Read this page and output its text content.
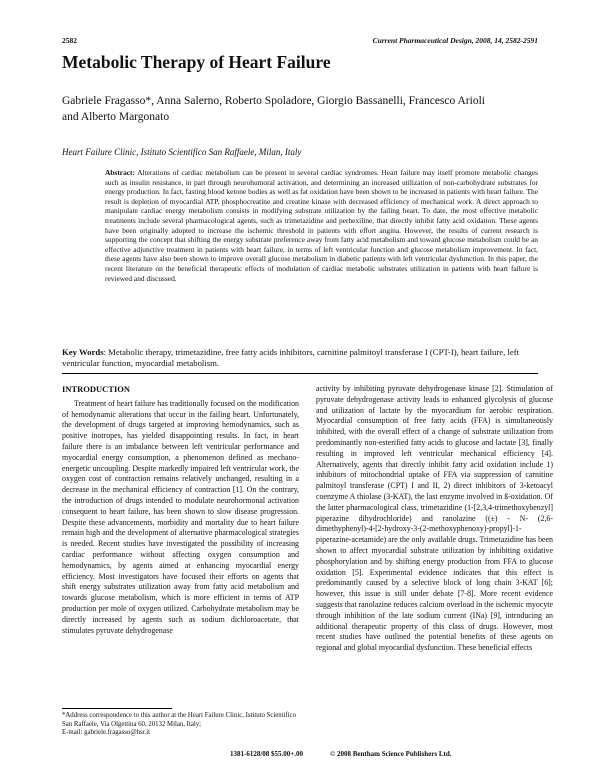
2582	Current Pharmaceutical Design, 2008, 14, 2582-2591
Metabolic Therapy of Heart Failure
Gabriele Fragasso*, Anna Salerno, Roberto Spoladore, Giorgio Bassanelli, Francesco Arioli
and Alberto Margonato
Heart Failure Clinic, Istituto Scientifico San Raffaele, Milan, Italy
Abstract: Alterations of cardiac metabolism can be present in several cardiac syndromes. Heart failure may itself promote metabolic changes such as insulin resistance, in part through neurohumoral activation, and determining an increased utilization of non-carbohydrate substrates for energy production. In fact, fasting blood ketone bodies as well as fat oxidation have been shown to be increased in patients with heart failure. The result is depletion of myocardial ATP, phosphocreatine and creatine kinase with decreased efficiency of mechanical work. A direct approach to manipulate cardiac energy metabolism consists in modifying substrate utilization by the failing heart. To date, the most effective metabolic treatments include several pharmacological agents, such as trimetazidine and perhexiline, that directly inhibit fatty acid oxidation. These agents have been originally adopted to increase the ischemic threshold in patients with effort angina. However, the results of current research is supporting the concept that shifting the energy substrate preference away from fatty acid metabolism and toward glucose metabolism could be an effective adjunctive treatment in patients with heart failure, in terms of left ventricular function and glucose metabolism improvement. In fact, these agents have also been shown to improve overall glucose metabolism in diabetic patients with left ventricular dysfunction. In this paper, the recent literature on the beneficial therapeutic effects of modulation of cardiac metabolic substrates utilization in patients with heart failure is reviewed and discussed.
Key Words: Metabolic therapy, trimetazidine, free fatty acids inhibitors, carnitine palmitoyl transferase I (CPT-I), heart failure, left ventricular function, myocardial metabolism.
INTRODUCTION

Treatment of heart failure has traditionally focused on the modification of hemodynamic alterations that occur in the failing heart. Unfortunately, the development of drugs targeted at improving hemodynamics, such as positive inotropes, has yielded disappointing results. In fact, in heart failure there is an imbalance between left ventricular performance and myocardial energy consumption, a phenomenon defined as mechano-energetic uncoupling. Despite markedly impaired left ventricular work, the oxygen cost of contraction remains relatively unchanged, resulting in a decrease in the mechanical efficiency of contraction [1]. On the contrary, the introduction of drugs intended to modulate neurohormonal activation consequent to heart failure, has been shown to slow disease progression. Despite these advancements, morbidity and mortality due to heart failure remain high and the development of alternative pharmacological strategies is needed. Recent studies have investigated the possibility of increasing cardiac performance without affecting oxygen consumption and hemodynamics, by agents aimed at enhancing myocardial energy efficiency. Most investigators have focused their efforts on agents that shift energy substrates utilization away from fatty acid metabolism and towards glucose metabolism, which is more efficient in terms of ATP production per mole of oxygen utilized. Carbohydrate metabolism may be directly increased by agents such as sodium dichloroacetate, that stimulates pyruvate dehydrogenase

activity by inhibiting pyruvate dehydrogenase kinase [2]. Stimulation of pyruvate dehydrogenase activity leads to enhanced glycolysis of glucose and utilization of lactate by the myocardium for aerobic respiration. Myocardial consumption of free fatty acids (FFA) is simultaneously inhibited, with the overall effect of a change of substrate utilization from predominantly non-esterified fatty acids to glucose and lactate [3], finally resulting in improved left ventricular mechanical efficiency [4]. Alternatively, agents that directly inhibit fatty acid oxidation include 1) inhibitors of mitochondrial uptake of FFA via suppression of carnitine palmitoyl transferase (CPT) I and II, 2) direct inhibitors of 3-ketoacyl coenzyme A thiolase (3-KAT), the last enzyme involved in ß-oxidation. Of the latter pharmacological class, trimetazidine (1-[2,3,4-trimethoxybenzyl] piperazine dihydrochloride) and ranolazine ((±) - N- (2,6-dimethyphenyl)-4-[2-hydroxy-3-(2-methoxyphenoxy)-propyl]-1-piperazine-acetamide) are the only available drugs. Trimetazidine has been shown to affect myocardial substrate utilization by inhibiting oxidative phosphorylation and by shifting energy production from FFA to glucose oxidation [5]. Experimental evidence indicates that this effect is predominantly caused by a selective block of long chain 3-KAT [6]; however, this issue is still under debate [7-8]. More recent evidence suggests that ranolazine reduces calcium overload in the ischemic myocyte through inhibition of the late sodium current (INa) [9], introducing an additional therapeutic property of this class of drugs. However, most recent studies have outlined the potential benefits of these agents on regional and global myocardial dysfunction. These beneficial effects

*Address correspondence to this author at the Heart Failure Clinic, Istituto Scientifico San Raffaele, Via Olgettina 60, 20132 Milan, Italy;
E-mail: gabriele.fragasso@hsr.it
1381-6128/08 $55.00+.00	© 2008 Bentham Science Publishers Ltd.
